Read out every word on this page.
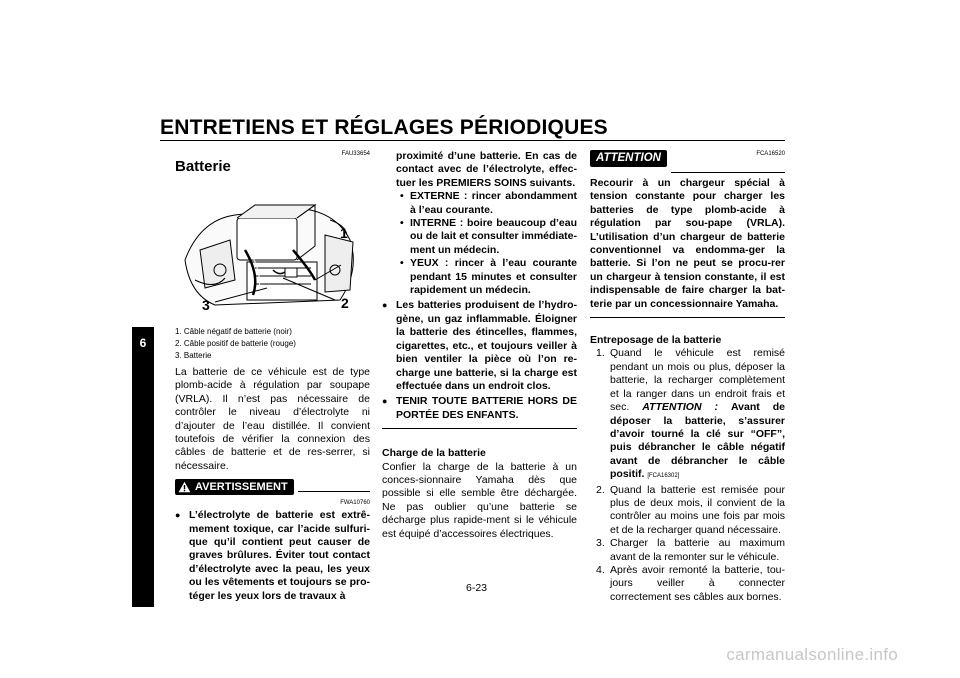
ENTRETIENS ET RÉGLAGES PÉRIODIQUES
6
FAU33654
Batterie
1
2
3
1. Câble négatif de batterie (noir)
2. Câble positif de batterie (rouge)
3. Batterie
La batterie de ce véhicule est de type plomb-acide à régulation par soupape (VRLA). Il n’est pas nécessaire de contrôler le niveau d’électrolyte ni d’ajouter de l’eau distillée. Il convient toutefois de vérifier la connexion des câbles de batterie et de res-serrer, si nécessaire.
AVERTISSEMENT
FWA10760
● L’électrolyte de batterie est extrê-mement toxique, car l’acide sulfuri-que qu’il contient peut causer de graves brûlures. Éviter tout contact d’électrolyte avec la peau, les yeux ou les vêtements et toujours se pro-téger les yeux lors de travaux à
proximité d’une batterie. En cas de contact avec de l’électrolyte, effec-tuer les PREMIERS SOINS suivants.
• EXTERNE : rincer abondamment à l’eau courante.
• INTERNE : boire beaucoup d’eau ou de lait et consulter immédiate-ment un médecin.
• YEUX : rincer à l’eau courante pendant 15 minutes et consulter rapidement un médecin.
● Les batteries produisent de l’hydro-gène, un gaz inflammable. Éloigner la batterie des étincelles, flammes, cigarettes, etc., et toujours veiller à bien ventiler la pièce où l’on re-charge une batterie, si la charge est effectuée dans un endroit clos.
● TENIR TOUTE BATTERIE HORS DE PORTÉE DES ENFANTS.
Charge de la batterie
Confier la charge de la batterie à un conces-sionnaire Yamaha dès que possible si elle semble être déchargée. Ne pas oublier qu’une batterie se décharge plus rapide-ment si le véhicule est équipé d’accessoires électriques.
ATTENTION	FCA16520
Recourir à un chargeur spécial à tension constante pour charger les batteries de type plomb-acide à régulation par sou-pape (VRLA). L’utilisation d’un chargeur de batterie conventionnel va endomma-ger la batterie. Si l’on ne peut se procu-rer un chargeur à tension constante, il est indispensable de faire charger la bat-terie par un concessionnaire Yamaha.
Entreposage de la batterie
1. Quand le véhicule est remisé pendant un mois ou plus, déposer la batterie, la recharger complètement et la ranger dans un endroit frais et sec. ATTENTION : Avant de déposer la batterie, s’assurer d’avoir tourné la clé sur “OFF”, puis débrancher le câble négatif avant de débrancher le câble positif. [FCA16302]
2. Quand la batterie est remisée pour plus de deux mois, il convient de la contrôler au moins une fois par mois et de la recharger quand nécessaire.
3. Charger la batterie au maximum avant de la remonter sur le véhicule.
4. Après avoir remonté la batterie, tou-jours veiller à connecter correctement ses câbles aux bornes.
6-23
carmanualsonline.info
